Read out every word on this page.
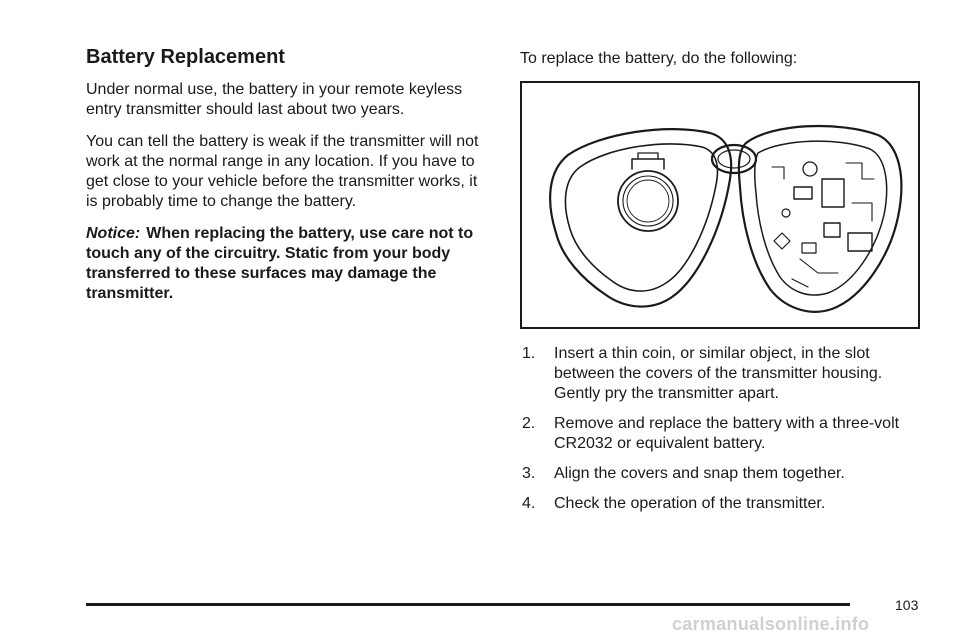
Battery Replacement

Under normal use, the battery in your remote keyless entry transmitter should last about two years.

You can tell the battery is weak if the transmitter will not work at the normal range in any location. If you have to get close to your vehicle before the transmitter works, it is probably time to change the battery.

Notice: When replacing the battery, use care not to touch any of the circuitry. Static from your body transferred to these surfaces may damage the transmitter.

To replace the battery, do the following:

1. Insert a thin coin, or similar object, in the slot between the covers of the transmitter housing. Gently pry the transmitter apart.
2. Remove and replace the battery with a three-volt CR2032 or equivalent battery.
3. Align the covers and snap them together.
4. Check the operation of the transmitter.
103
carmanualsonline.info
